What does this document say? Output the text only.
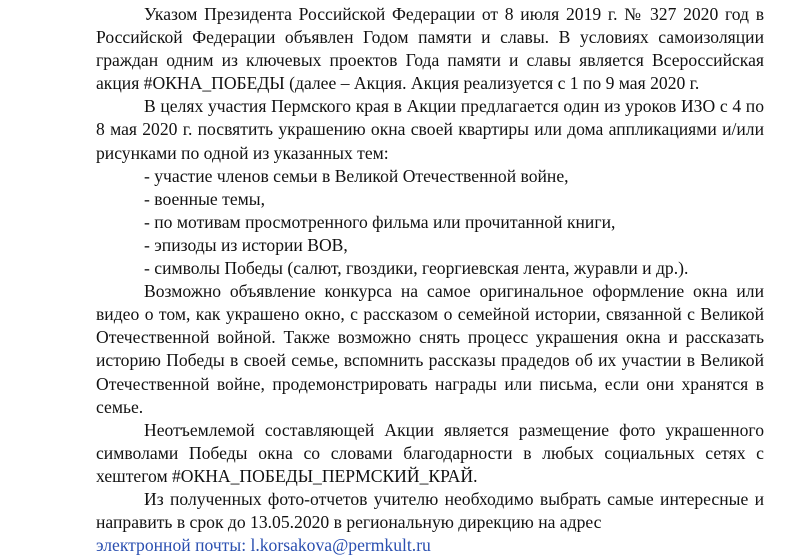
Указом Президента Российской Федерации от 8 июля 2019 г. № 327 2020 год в Российской Федерации объявлен Годом памяти и славы. В условиях самоизоляции граждан одним из ключевых проектов Года памяти и славы является Всероссийская акция #ОКНА_ПОБЕДЫ (далее – Акция. Акция реализуется с 1 по 9 мая 2020 г.

В целях участия Пермского края в Акции предлагается один из уроков ИЗО с 4 по 8 мая 2020 г. посвятить украшению окна своей квартиры или дома аппликациями и/или рисунками по одной из указанных тем:

- участие членов семьи в Великой Отечественной войне,

- военные темы,

- по мотивам просмотренного фильма или прочитанной книги,

- эпизоды из истории ВОВ,

- символы Победы (салют, гвоздики, георгиевская лента, журавли и др.).

Возможно объявление конкурса на самое оригинальное оформление окна или видео о том, как украшено окно, с рассказом о семейной истории, связанной с Великой Отечественной войной. Также возможно снять процесс украшения окна и рассказать историю Победы в своей семье, вспомнить рассказы прадедов об их участии в Великой Отечественной войне, продемонстрировать награды или письма, если они хранятся в семье.

Неотъемлемой составляющей Акции является размещение фото украшенного символами Победы окна со словами благодарности в любых социальных сетях с хештегом #ОКНА_ПОБЕДЫ_ПЕРМСКИЙ_КРАЙ.

Из полученных фото-отчетов учителю необходимо выбрать самые интересные и направить в срок до 13.05.2020 в региональную дирекцию на адрес

электронной почты: l.korsakova@permkult.ru
